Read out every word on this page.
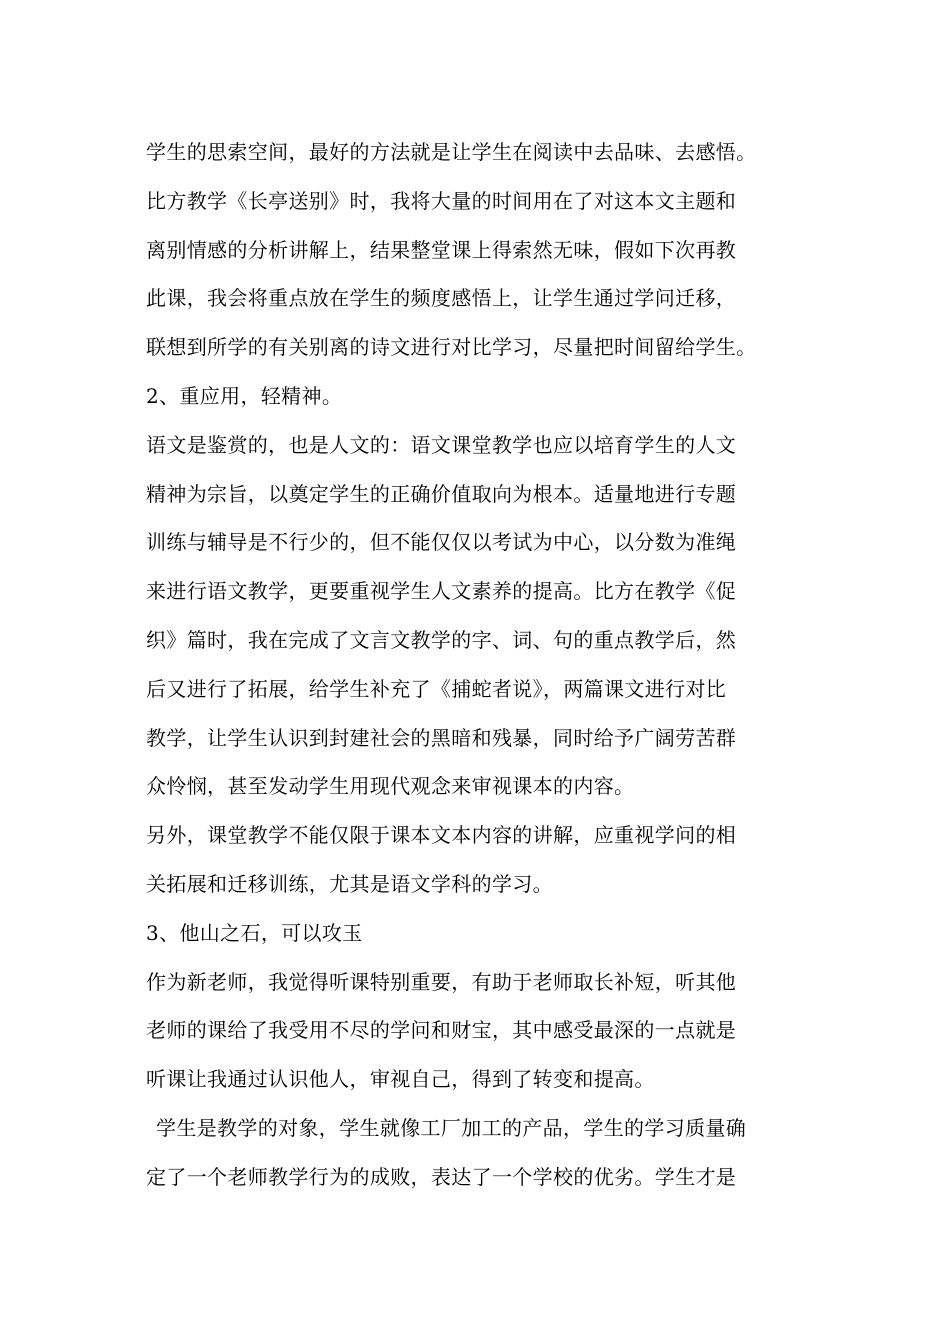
学生的思索空间，最好的方法就是让学生在阅读中去品味、去感悟。
比方教学《长亭送别》时，我将大量的时间用在了对这本文主题和
离别情感的分析讲解上，结果整堂课上得索然无味，假如下次再教
此课，我会将重点放在学生的频度感悟上，让学生通过学问迁移，
联想到所学的有关别离的诗文进行对比学习，尽量把时间留给学生。
2、重应用，轻精神。
语文是鉴赏的，也是人文的：语文课堂教学也应以培育学生的人文
精神为宗旨，以奠定学生的正确价值取向为根本。适量地进行专题
训练与辅导是不行少的，但不能仅仅以考试为中心，以分数为准绳
来进行语文教学，更要重视学生人文素养的提高。比方在教学《促
织》篇时，我在完成了文言文教学的字、词、句的重点教学后，然
后又进行了拓展，给学生补充了《捕蛇者说》，两篇课文进行对比
教学，让学生认识到封建社会的黑暗和残暴，同时给予广阔劳苦群
众怜悯，甚至发动学生用现代观念来审视课本的内容。
另外，课堂教学不能仅限于课本文本内容的讲解，应重视学问的相
关拓展和迁移训练，尤其是语文学科的学习。
3、他山之石，可以攻玉
作为新老师，我觉得听课特别重要，有助于老师取长补短，听其他
老师的课给了我受用不尽的学问和财宝，其中感受最深的一点就是
听课让我通过认识他人，审视自己，得到了转变和提高。
学生是教学的对象，学生就像工厂加工的产品，学生的学习质量确
定了一个老师教学行为的成败，表达了一个学校的优劣。学生才是
